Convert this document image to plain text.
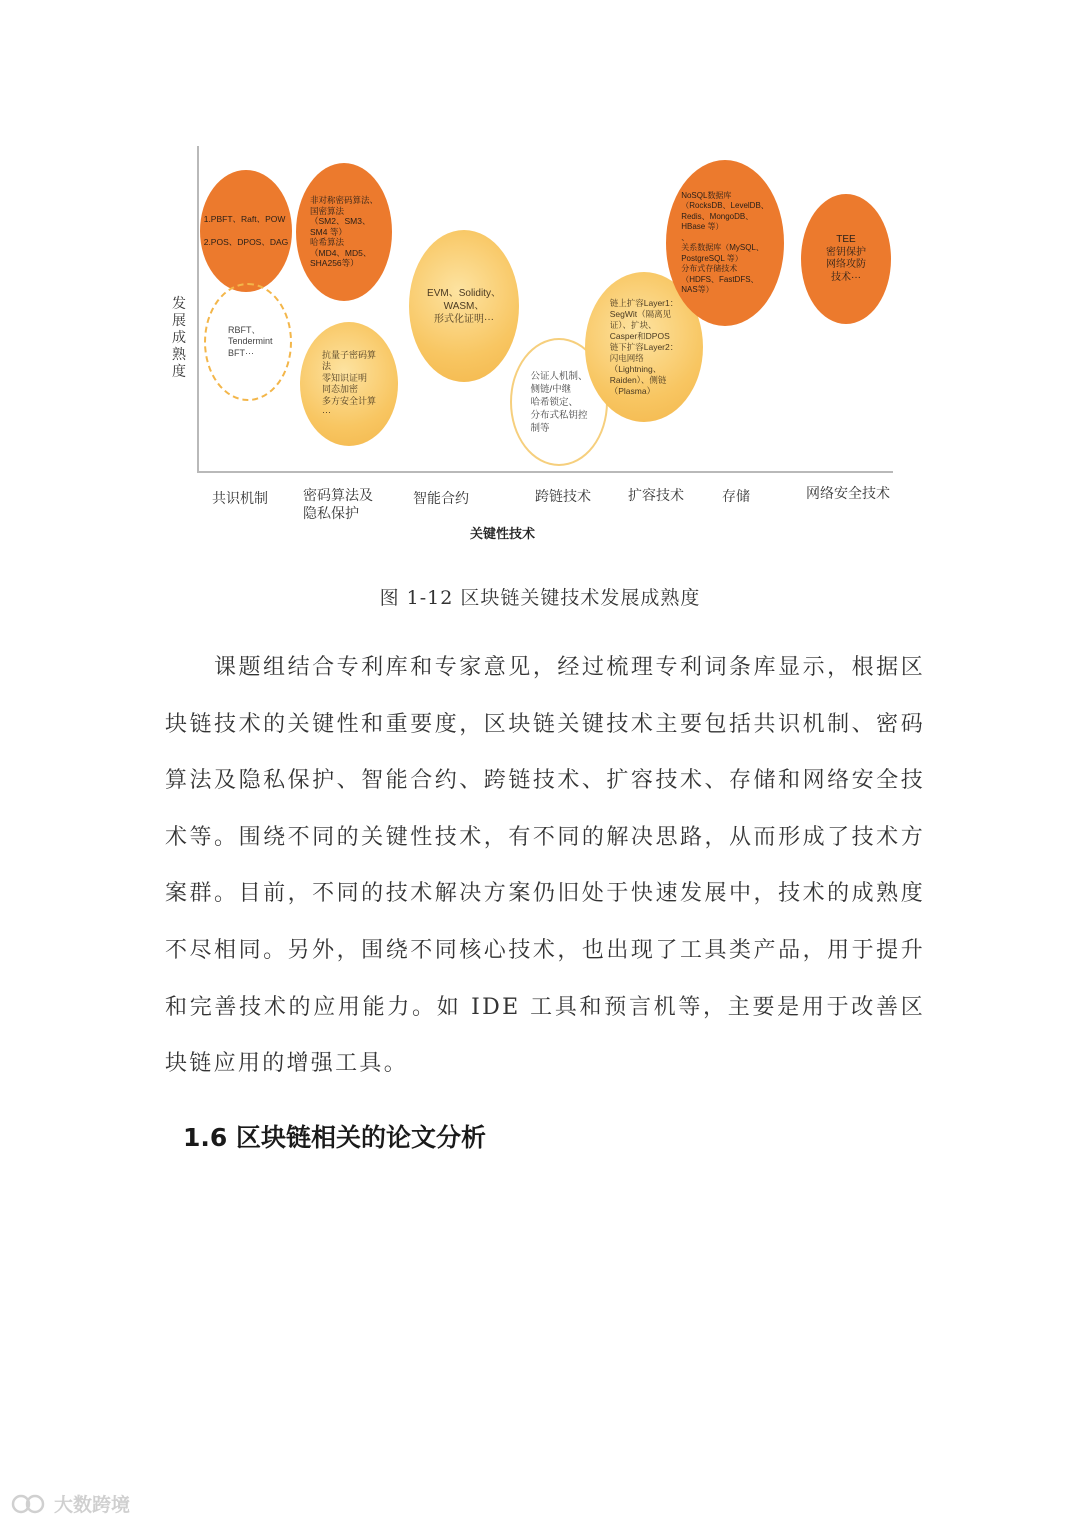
发展成熟度
1.PBFT、Raft、POW

2.POS、DPOS、DAG
RBFT、
Tendermint
BFT···
非对称密码算法、
国密算法
（SM2、SM3、
SM4 等）
哈希算法
（MD4、MD5、
SHA256等）
抗量子密码算
法
零知识证明
同态加密
多方安全计算
···
EVM、Solidity、
WASM、
形式化证明···
公证人机制、
侧链/中继
哈希锁定、
分布式私钥控
制等
链上扩容Layer1：
SegWit（隔离见
证）、扩块、
Casper和DPOS
链下扩容Layer2：
闪电网络
（Lightning、
Raiden）、侧链
（Plasma）
NoSQL数据库
（RocksDB、LevelDB、
Redis、MongoDB、
HBase 等）
、
关系数据库（MySQL、
PostgreSQL 等）
分布式存储技术
（HDFS、FastDFS、
NAS等）
TEE
密钥保护
网络攻防
技术···
共识机制	密码算法及
隐私保护
智能合约	跨链技术	扩容技术	存储	网络安全技术
关键性技术
图 1-12 区块链关键技术发展成熟度

课题组结合专利库和专家意见，经过梳理专利词条库显示，根据区块链技术的关键性和重要度，区块链关键技术主要包括共识机制、密码算法及隐私保护、智能合约、跨链技术、扩容技术、存储和网络安全技术等。围绕不同的关键性技术，有不同的解决思路，从而形成了技术方案群。目前，不同的技术解决方案仍旧处于快速发展中，技术的成熟度不尽相同。另外，围绕不同核心技术，也出现了工具类产品，用于提升和完善技术的应用能力。如 IDE 工具和预言机等，主要是用于改善区块链应用的增强工具。

1.6 区块链相关的论文分析
大数跨境
